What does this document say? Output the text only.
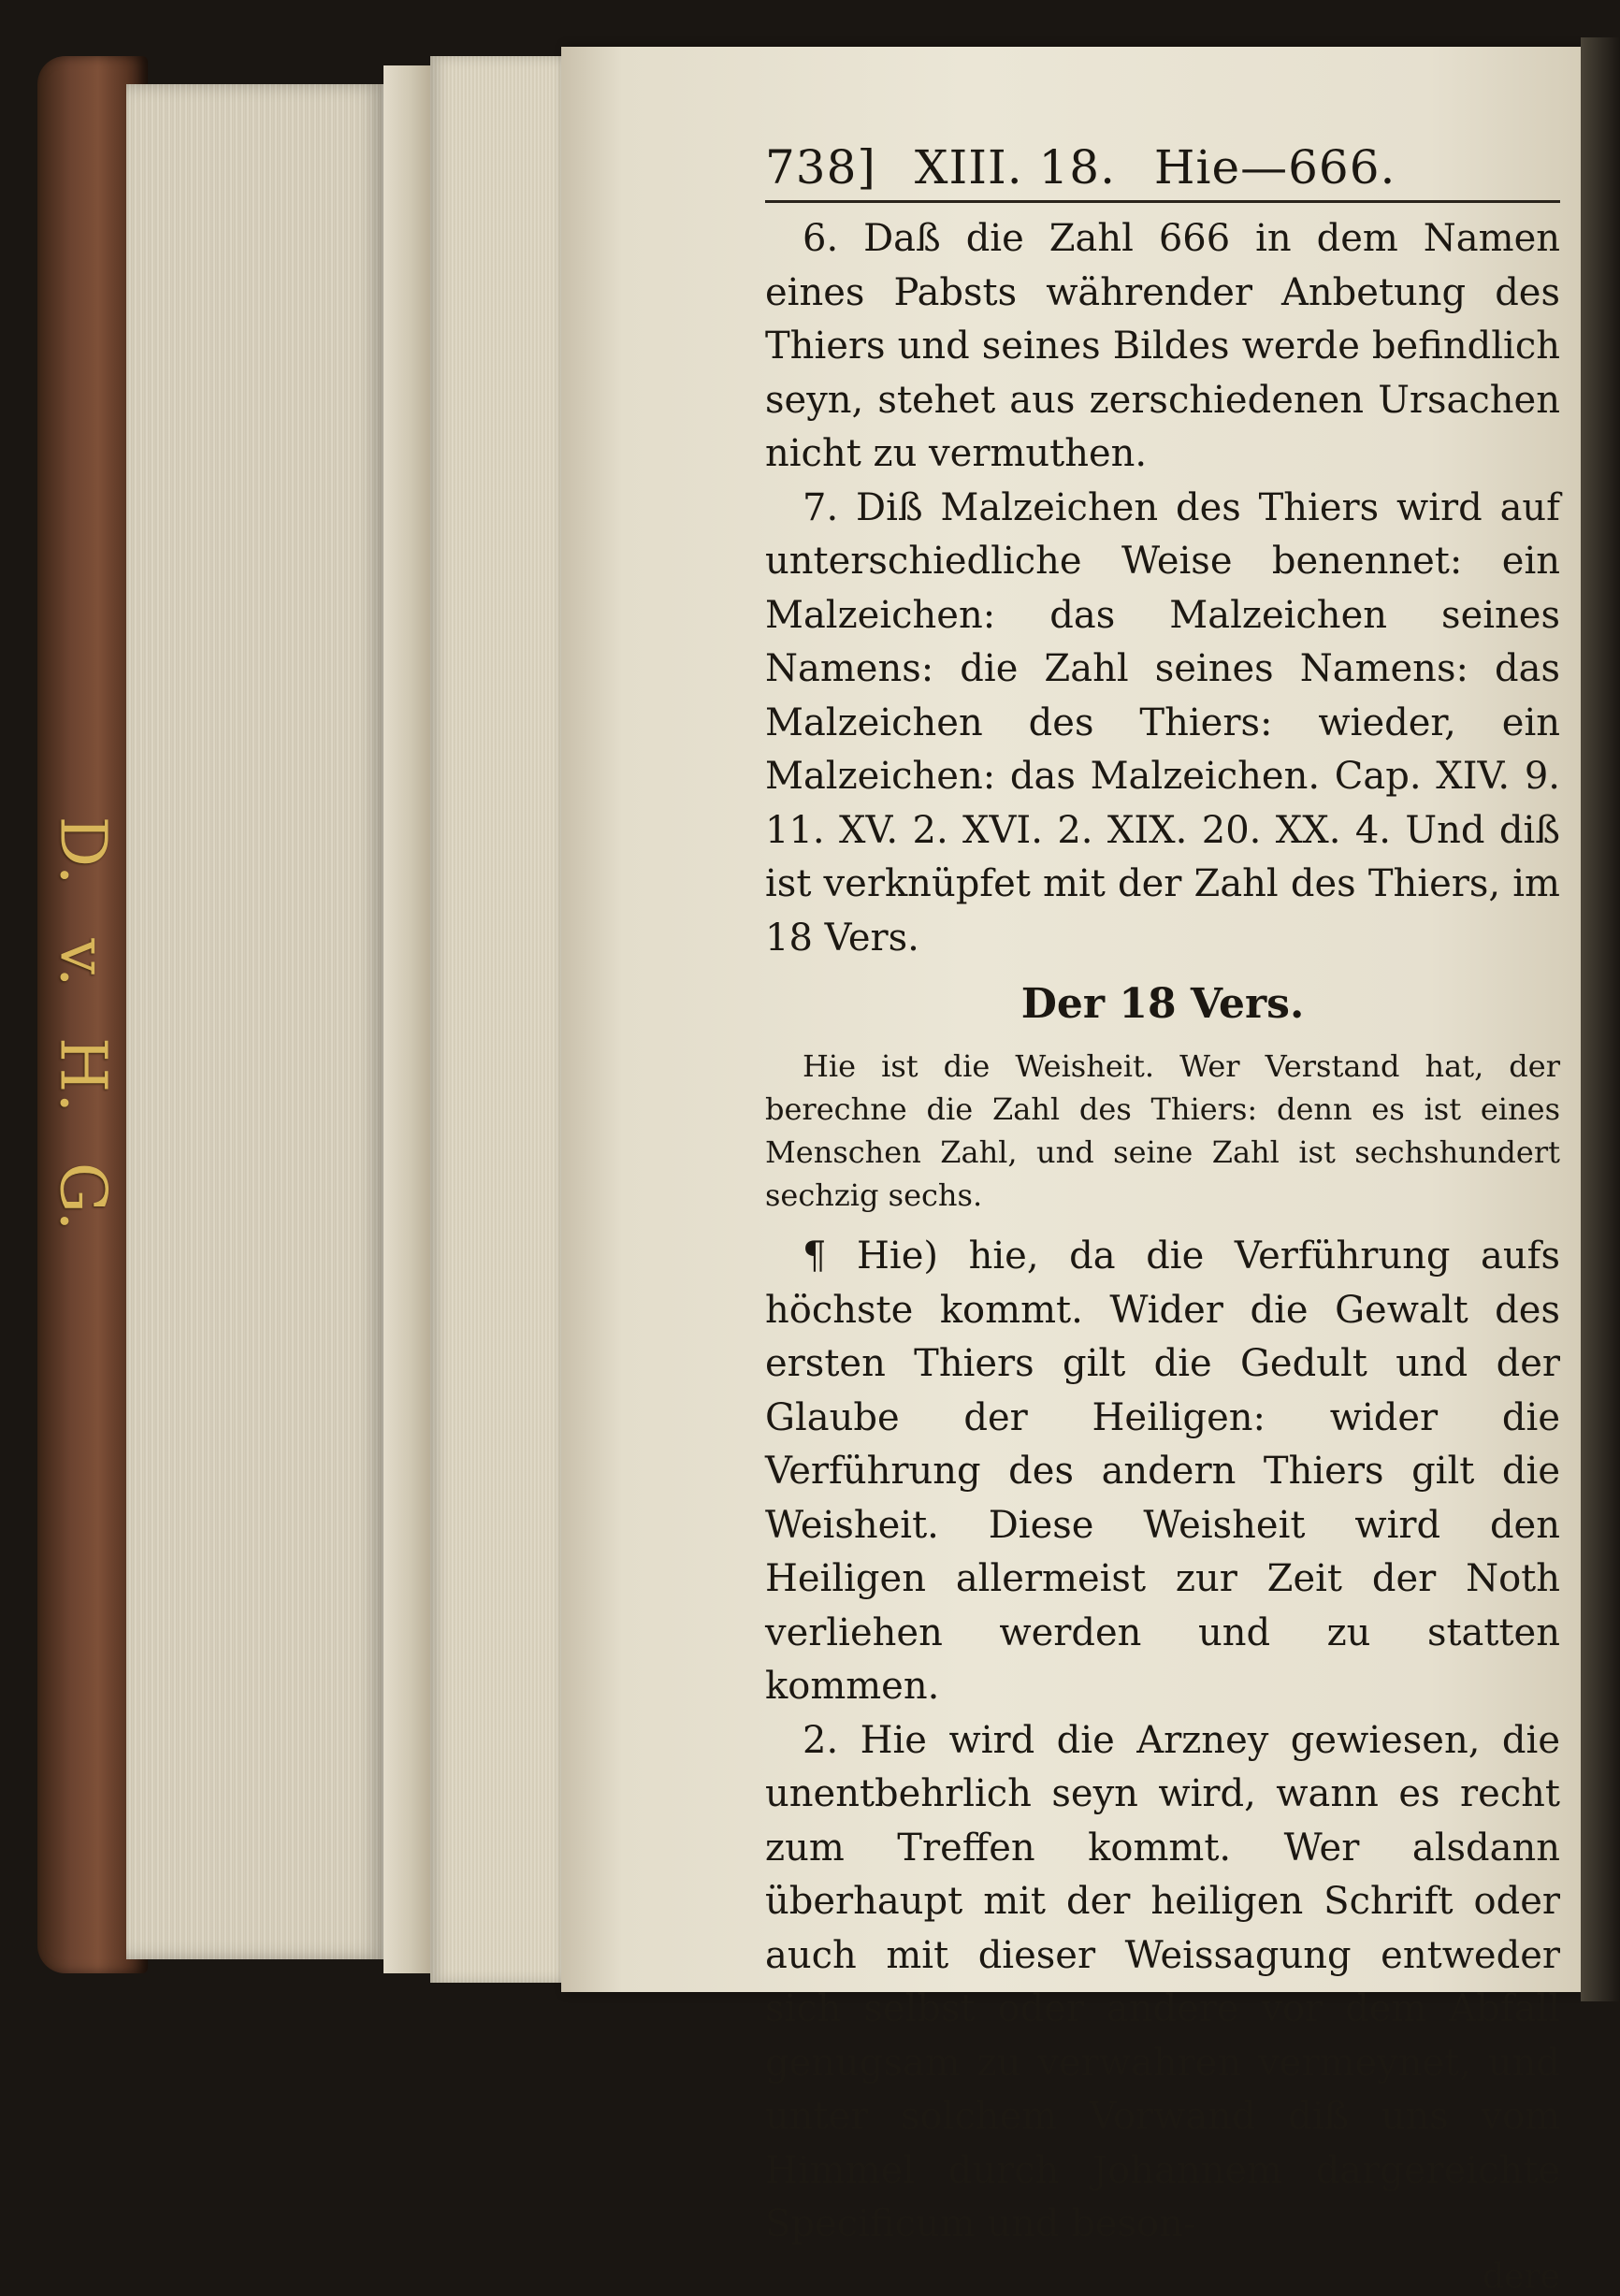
D.
v.
H.
G.
738] XIII. 18. Hie—666.

6. Daß die Zahl 666 in dem Namen eines Pabsts währender Anbetung des Thiers und seines Bildes werde befindlich seyn, stehet aus zerschiedenen Ursachen nicht zu vermuthen.

7. Diß Malzeichen des Thiers wird auf unterschiedliche Weise benennet: ein Malzeichen: das Malzeichen seines Namens: die Zahl seines Namens: das Malzeichen des Thiers: wieder, ein Malzeichen: das Malzeichen. Cap. XIV. 9. 11. XV. 2. XVI. 2. XIX. 20. XX. 4. Und diß ist verknüpfet mit der Zahl des Thiers, im 18 Vers.

Der 18 Vers.

Hie ist die Weisheit. Wer Verstand hat, der berechne die Zahl des Thiers: denn es ist eines Menschen Zahl, und seine Zahl ist sechshundert sechzig sechs.

¶ Hie) hie, da die Verführung aufs höchste kommt. Wider die Gewalt des ersten Thiers gilt die Gedult und der Glaube der Heiligen: wider die Verführung des andern Thiers gilt die Weisheit. Diese Weisheit wird den Heiligen allermeist zur Zeit der Noth verliehen werden und zu statten kommen.

2. Hie wird die Arzney gewiesen, die unentbehrlich seyn wird, wann es recht zum Treffen kommt. Wer alsdann überhaupt mit der heiligen Schrift oder auch mit dieser Weissagung entweder sich selbst oder andere vor dem Abfall genugsam zu verwahren vermeynet, und unter solchem Vorwand diß uns vom Himmel durch Johannem dargereichte Specificum und beson-

dere
